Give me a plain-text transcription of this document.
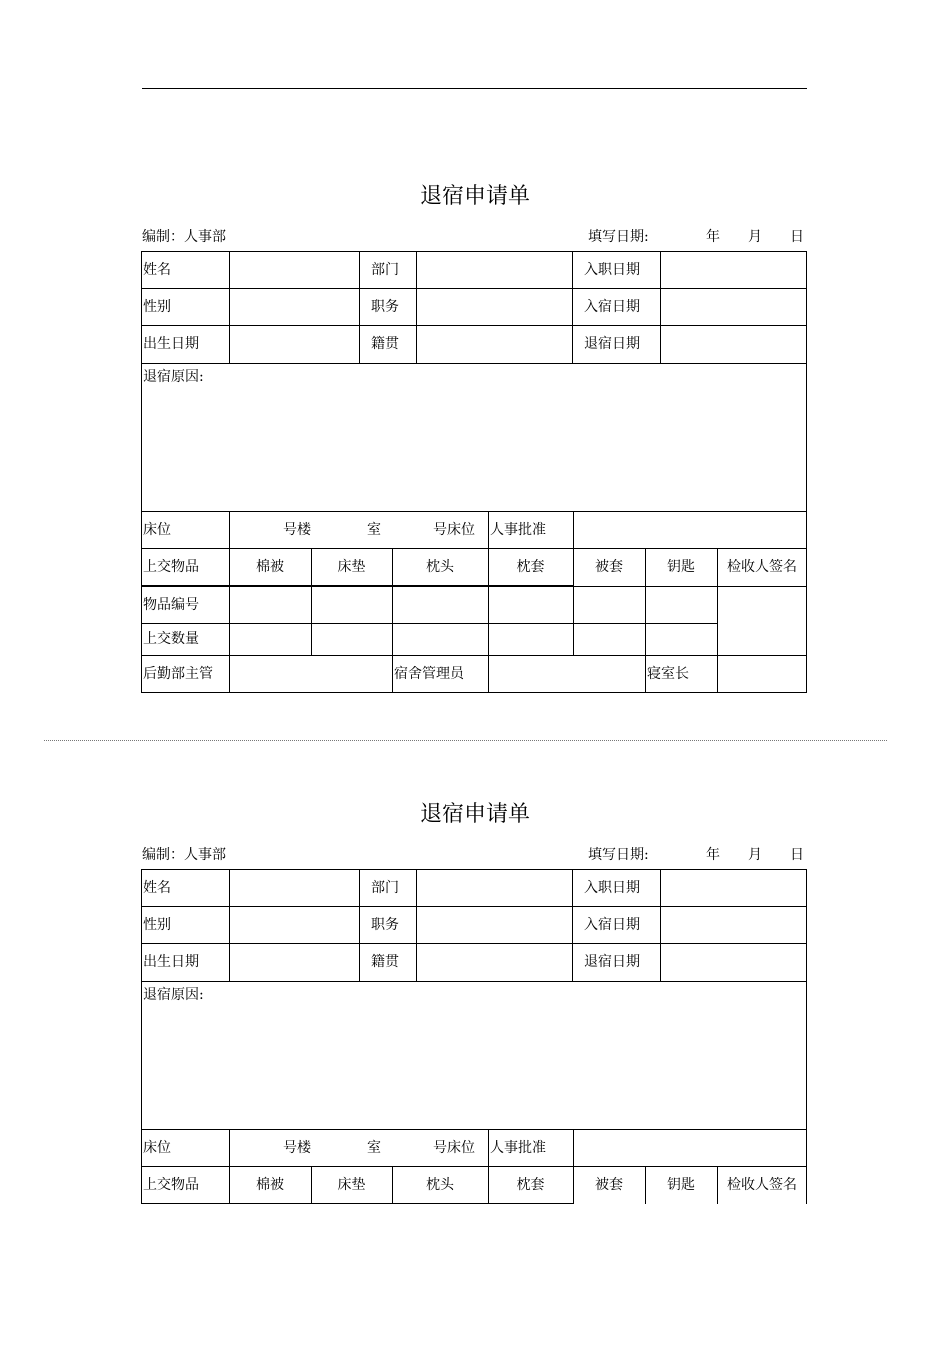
退宿申请单
编制：人事部	填写日期:	年 月 日
姓名	部门	入职日期
性别	职务	入宿日期
出生日期	籍贯	退宿日期
退宿原因:
床位	号楼	室	号床位 人事批准
上交物品	棉被	床垫	枕头	枕套	被套	钥匙	检收人签名
物品编号
上交数量
后勤部主管	宿舍管理员	寝室长
退宿申请单
编制：人事部	填写日期:	年 月 日
姓名	部门	入职日期
性别	职务	入宿日期
出生日期	籍贯	退宿日期
退宿原因:
床位	号楼	室	号床位 人事批准
上交物品	棉被	床垫	枕头	枕套	被套	钥匙	检收人签名
